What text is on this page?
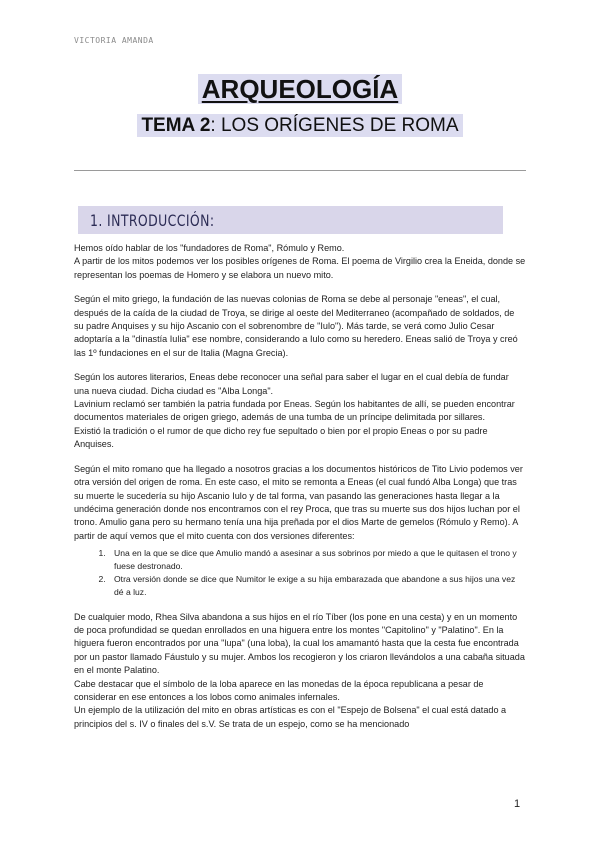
VICTORIA AMANDA
ARQUEOLOGÍA
TEMA 2: LOS ORÍGENES DE ROMA
1. INTRODUCCIÓN:

Hemos oído hablar de los "fundadores de Roma", Rómulo y Remo.
A partir de los mitos podemos ver los posibles orígenes de Roma. El poema de Virgilio crea la Eneida, donde se representan los poemas de Homero y se elabora un nuevo mito.

Según el mito griego, la fundación de las nuevas colonias de Roma se debe al personaje "eneas", el cual, después de la caída de la ciudad de Troya, se dirige al oeste del Mediterraneo (acompañado de soldados, de su padre Anquises y su hijo Ascanio con el sobrenombre de "Iulo"). Más tarde, se verá como Julio Cesar adoptaría a la "dinastía Iulia" ese nombre, considerando a Iulo como su heredero. Eneas salió de Troya y creó las 1º fundaciones en el sur de Italia (Magna Grecia).

Según los autores literarios, Eneas debe reconocer una señal para saber el lugar en el cual debía de fundar una nueva ciudad. Dicha ciudad es "Alba Longa".
Lavinium reclamó ser también la patria fundada por Eneas. Según los habitantes de allí, se pueden encontrar documentos materiales de origen griego, además de una tumba de un príncipe delimitada por sillares.
Existió la tradición o el rumor de que dicho rey fue sepultado o bien por el propio Eneas o por su padre Anquises.

Según el mito romano que ha llegado a nosotros gracias a los documentos históricos de Tito Livio podemos ver otra versión del origen de roma. En este caso, el mito se remonta a Eneas (el cual fundó Alba Longa) que tras su muerte le sucedería su hijo Ascanio Iulo y de tal forma, van pasando las generaciones hasta llegar a la undécima generación donde nos encontramos con el rey Proca, que tras su muerte sus dos hijos luchan por el trono. Amulio gana pero su hermano tenía una hija preñada por el dios Marte de gemelos (Rómulo y Remo). A partir de aquí vemos que el mito cuenta con dos versiones diferentes:

1. Una en la que se dice que Amulio mandó a asesinar a sus sobrinos por miedo a que le quitasen el trono y fuese destronado.
2. Otra versión donde se dice que Numitor le exige a su hija embarazada que abandone a sus hijos una vez dé a luz.

De cualquier modo, Rhea Silva abandona a sus hijos en el río Tíber (los pone en una cesta) y en un momento de poca profundidad se quedan enrollados en una higuera entre los montes "Capitolino" y "Palatino". En la higuera fueron encontrados por una "lupa" (una loba), la cual los amamantó hasta que la cesta fue encontrada por un pastor llamado Fáustulo y su mujer. Ambos los recogieron y los criaron llevándolos a una cabaña situada en el monte Palatino.
Cabe destacar que el símbolo de la loba aparece en las monedas de la época republicana a pesar de considerar en ese entonces a los lobos como animales infernales.
Un ejemplo de la utilización del mito en obras artísticas es con el "Espejo de Bolsena" el cual está datado a principios del s. IV o finales del s.V. Se trata de un espejo, como se ha mencionado

1
